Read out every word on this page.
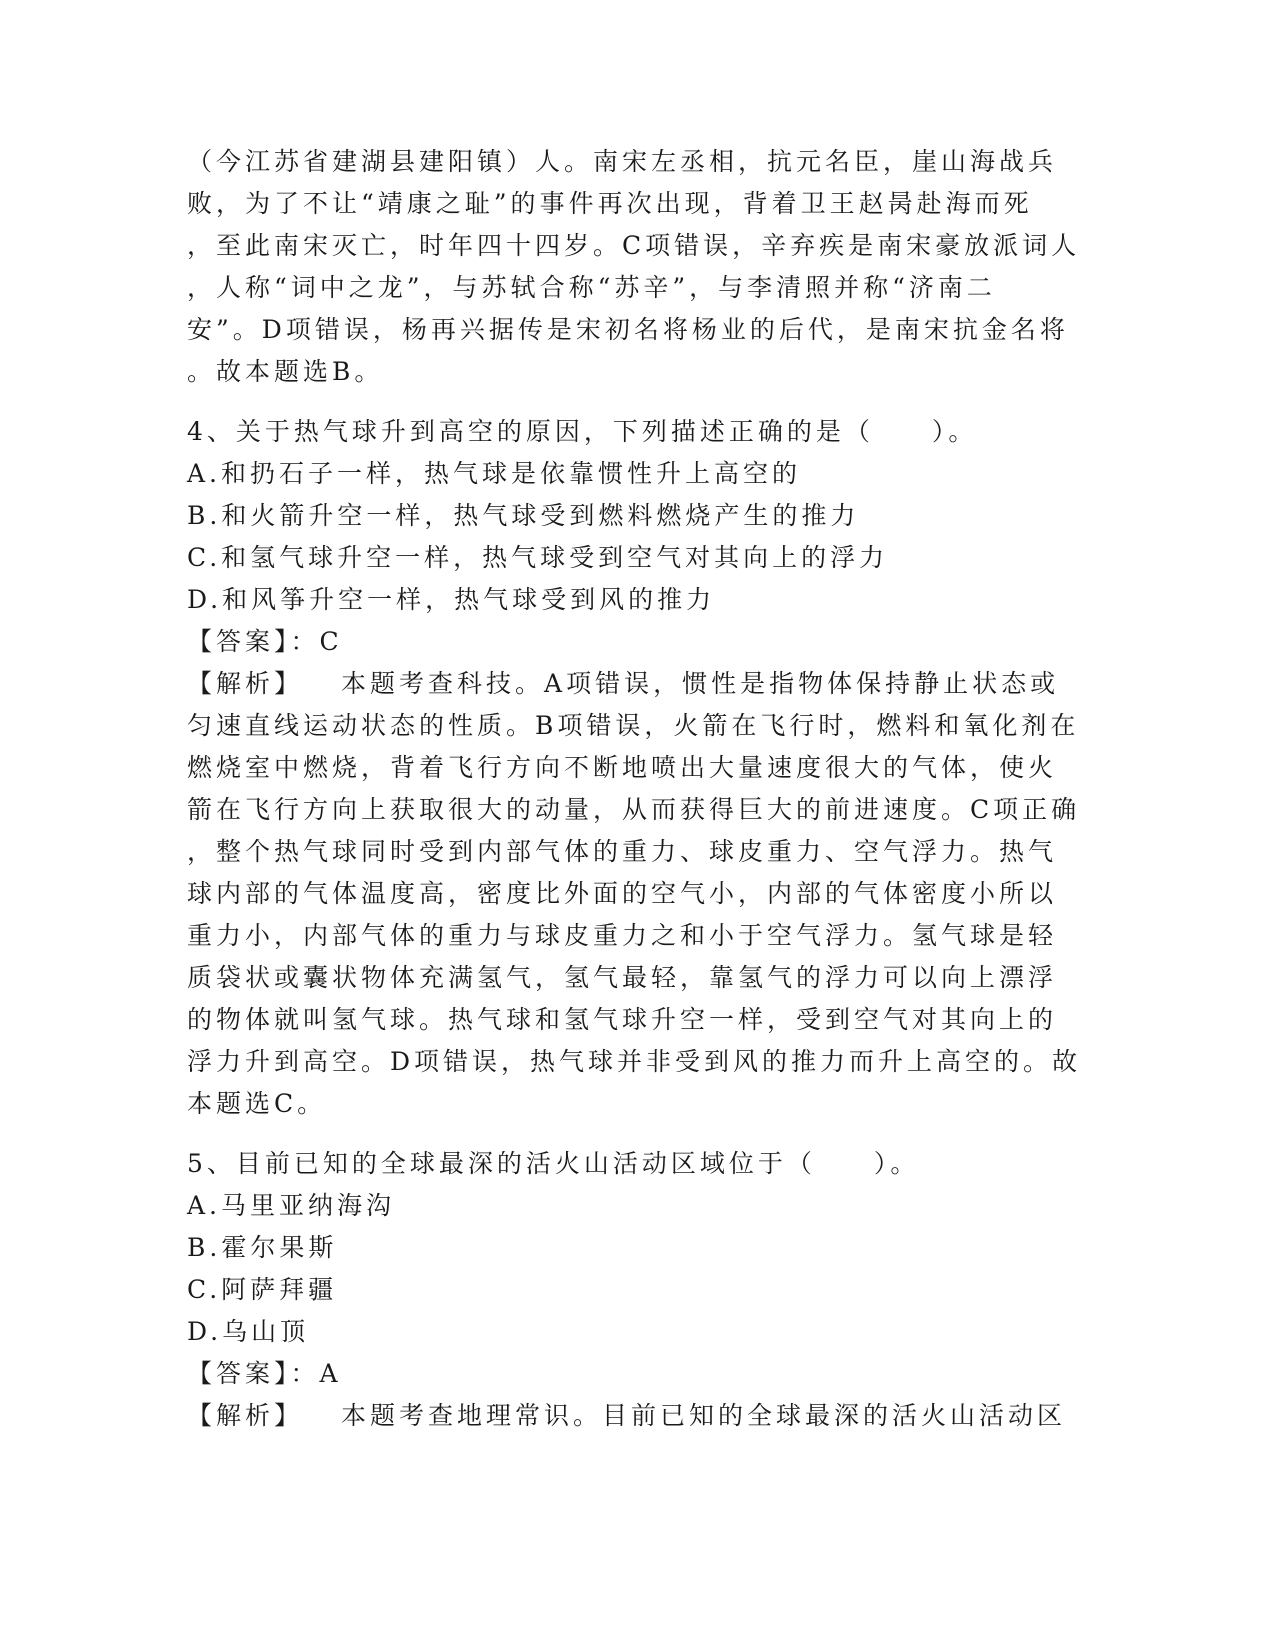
（今江苏省建湖县建阳镇）人。南宋左丞相，抗元名臣，崖山海战兵
败，为了不让“靖康之耻”的事件再次出现，背着卫王赵昺赴海而死
，至此南宋灭亡，时年四十四岁。C项错误，辛弃疾是南宋豪放派词人
，人称“词中之龙”，与苏轼合称“苏辛”，与李清照并称“济南二
安”。D项错误，杨再兴据传是宋初名将杨业的后代，是南宋抗金名将
。故本题选B。
4、关于热气球升到高空的原因，下列描述正确的是（　　）。
A.和扔石子一样，热气球是依靠惯性升上高空的
B.和火箭升空一样，热气球受到燃料燃烧产生的推力
C.和氢气球升空一样，热气球受到空气对其向上的浮力
D.和风筝升空一样，热气球受到风的推力
【答案】：C
【解析】 本题考查科技。A项错误，惯性是指物体保持静止状态或
匀速直线运动状态的性质。B项错误，火箭在飞行时，燃料和氧化剂在
燃烧室中燃烧，背着飞行方向不断地喷出大量速度很大的气体，使火
箭在飞行方向上获取很大的动量，从而获得巨大的前进速度。C项正确
，整个热气球同时受到内部气体的重力、球皮重力、空气浮力。热气
球内部的气体温度高，密度比外面的空气小，内部的气体密度小所以
重力小，内部气体的重力与球皮重力之和小于空气浮力。氢气球是轻
质袋状或囊状物体充满氢气，氢气最轻，靠氢气的浮力可以向上漂浮
的物体就叫氢气球。热气球和氢气球升空一样，受到空气对其向上的
浮力升到高空。D项错误，热气球并非受到风的推力而升上高空的。故
本题选C。
5、目前已知的全球最深的活火山活动区域位于（　　）。
A.马里亚纳海沟
B.霍尔果斯
C.阿萨拜疆
D.乌山顶
【答案】：A
【解析】 本题考查地理常识。目前已知的全球最深的活火山活动区
